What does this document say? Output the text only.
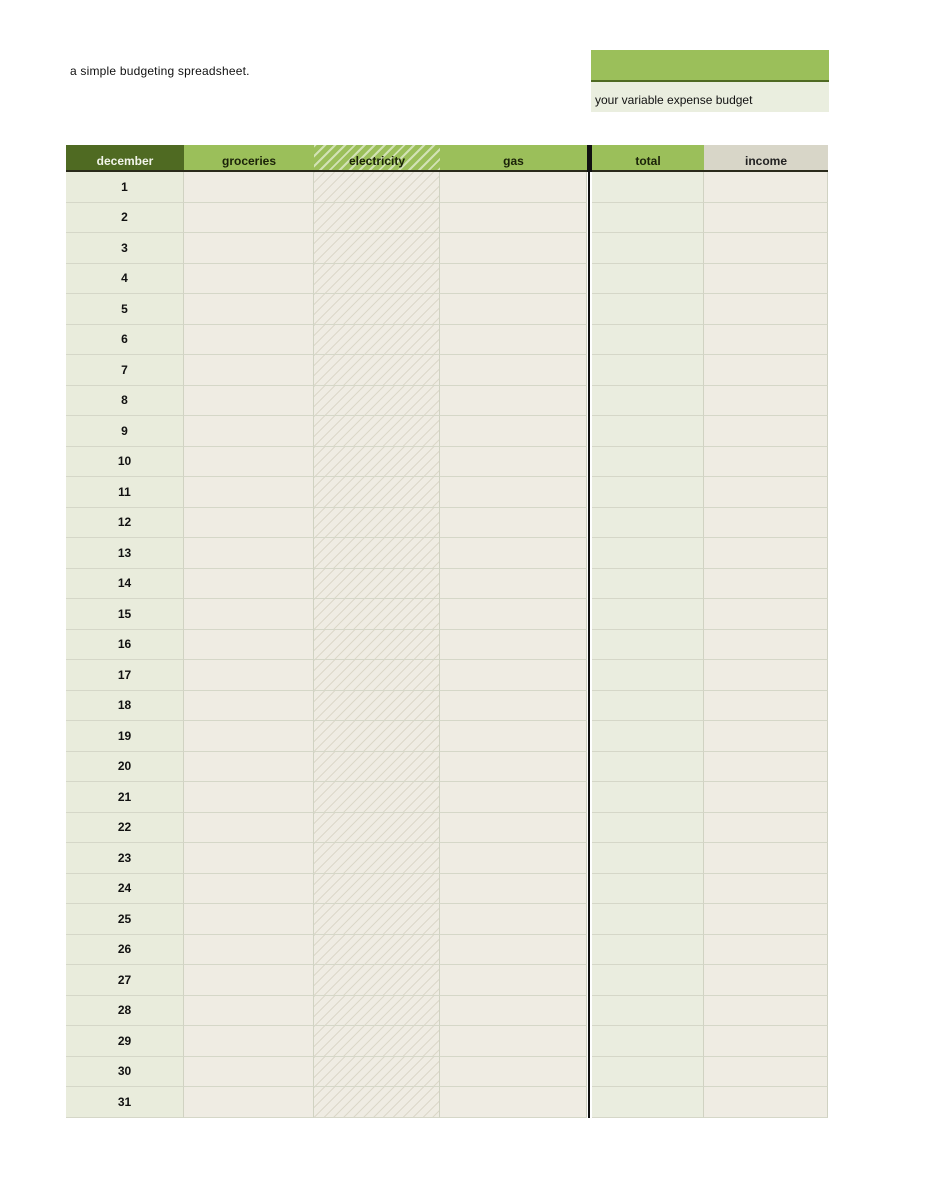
a simple budgeting spreadsheet.
your variable expense budget
december	groceries	electricity	gas	total	income
1
2
3
4
5
6
7
8
9
10
11
12
13
14
15
16
17
18
19
20
21
22
23
24
25
26
27
28
29
30
31
